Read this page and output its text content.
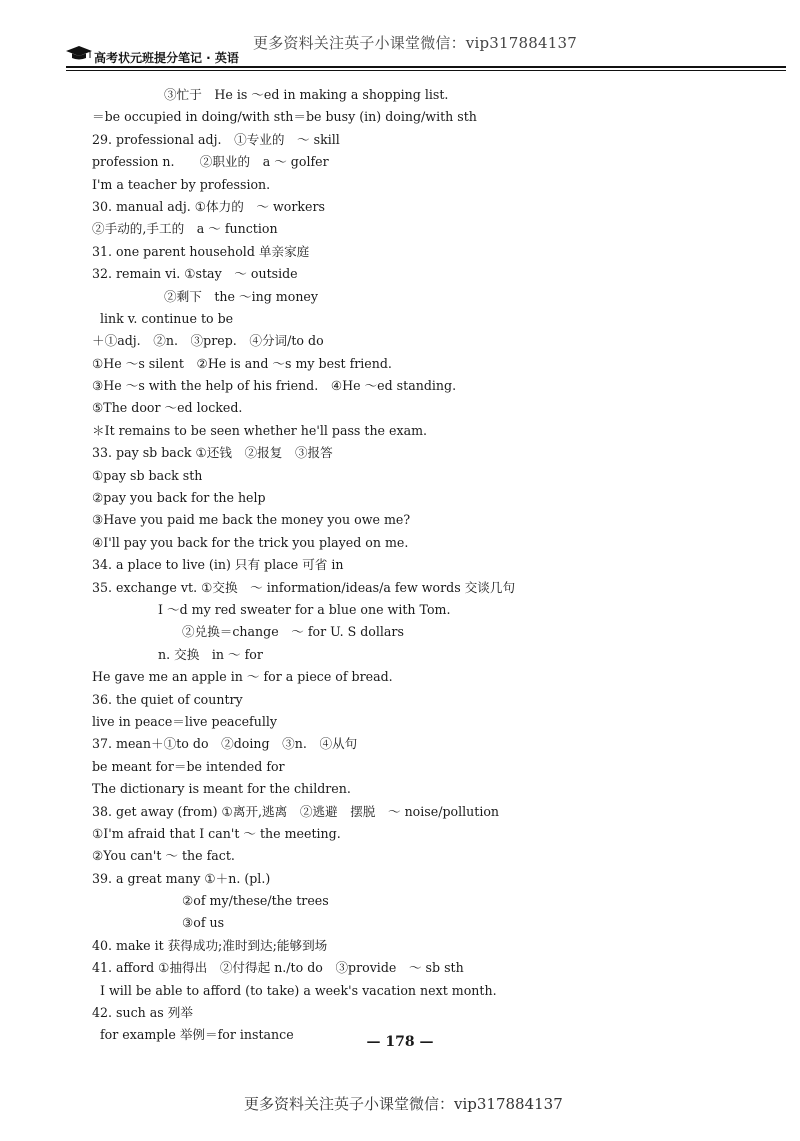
更多资料关注英子小课堂微信：vip317884137
高考状元班提分笔记 · 英语
③忙于　He is ～ed in making a shopping list.
＝be occupied in doing/with sth＝be busy (in) doing/with sth
29. professional adj.　①专业的　～ skill
profession n.　　②职业的　a ～ golfer
I'm a teacher by profession.
30. manual adj. ①体力的　～ workers
②手动的,手工的　a ～ function
31. one parent household 单亲家庭
32. remain vi. ①stay　～ outside
②剩下　the ～ing money
link v. continue to be
＋①adj.　②n.　③prep.　④分词/to do
①He ～s silent　②He is and ～s my best friend.
③He ～s with the help of his friend.　④He ～ed standing.
⑤The door ～ed locked.
＊It remains to be seen whether he'll pass the exam.
33. pay sb back ①还钱　②报复　③报答
①pay sb back sth
②pay you back for the help
③Have you paid me back the money you owe me?
④I'll pay you back for the trick you played on me.
34. a place to live (in) 只有 place 可省 in
35. exchange vt. ①交换　～ information/ideas/a few words 交谈几句
I ～d my red sweater for a blue one with Tom.
②兑换＝change　～ for U. S dollars
n. 交换　in ～ for
He gave me an apple in ～ for a piece of bread.
36. the quiet of country
live in peace＝live peacefully
37. mean＋①to do　②doing　③n.　④从句
be meant for＝be intended for
The dictionary is meant for the children.
38. get away (from) ①离开,逃离　②逃避　摆脱　～ noise/pollution
①I'm afraid that I can't ～ the meeting.
②You can't ～ the fact.
39. a great many ①＋n. (pl.)
②of my/these/the trees
③of us
40. make it 获得成功;准时到达;能够到场
41. afford ①抽得出　②付得起 n./to do　③provide　～ sb sth
I will be able to afford (to take) a week's vacation next month.
42. such as 列举
for example 举例＝for instance	— 178 —
更多资料关注英子小课堂微信：vip317884137
